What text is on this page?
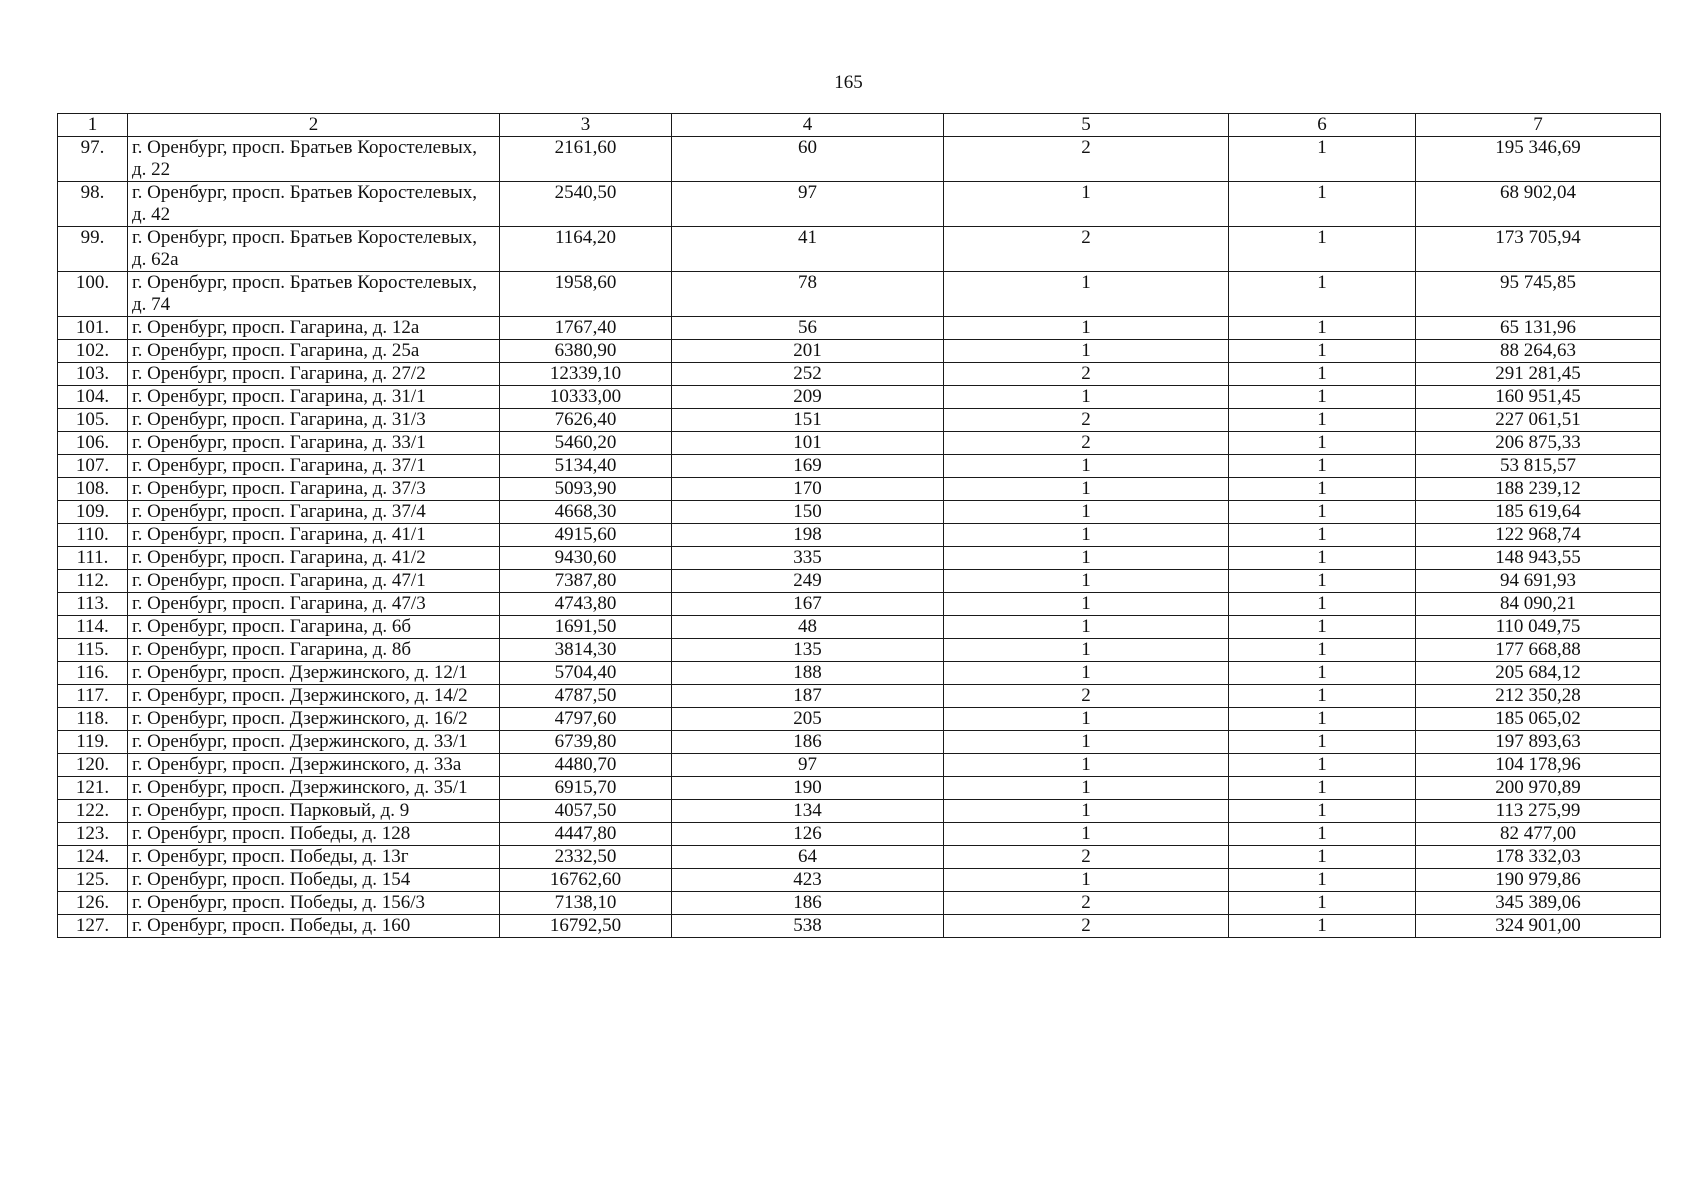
165
1	2	3	4	5	6	7
97.	г. Оренбург, просп. Братьев Коростелевых, д. 22	2161,60	60	2	1	195 346,69
98.	г. Оренбург, просп. Братьев Коростелевых, д. 42	2540,50	97	1	1	68 902,04
99.	г. Оренбург, просп. Братьев Коростелевых, д. 62а	1164,20	41	2	1	173 705,94
100.	г. Оренбург, просп. Братьев Коростелевых, д. 74	1958,60	78	1	1	95 745,85
101.	г. Оренбург, просп. Гагарина, д. 12а	1767,40	56	1	1	65 131,96
102.	г. Оренбург, просп. Гагарина, д. 25а	6380,90	201	1	1	88 264,63
103.	г. Оренбург, просп. Гагарина, д. 27/2	12339,10	252	2	1	291 281,45
104.	г. Оренбург, просп. Гагарина, д. 31/1	10333,00	209	1	1	160 951,45
105.	г. Оренбург, просп. Гагарина, д. 31/3	7626,40	151	2	1	227 061,51
106.	г. Оренбург, просп. Гагарина, д. 33/1	5460,20	101	2	1	206 875,33
107.	г. Оренбург, просп. Гагарина, д. 37/1	5134,40	169	1	1	53 815,57
108.	г. Оренбург, просп. Гагарина, д. 37/3	5093,90	170	1	1	188 239,12
109.	г. Оренбург, просп. Гагарина, д. 37/4	4668,30	150	1	1	185 619,64
110.	г. Оренбург, просп. Гагарина, д. 41/1	4915,60	198	1	1	122 968,74
111.	г. Оренбург, просп. Гагарина, д. 41/2	9430,60	335	1	1	148 943,55
112.	г. Оренбург, просп. Гагарина, д. 47/1	7387,80	249	1	1	94 691,93
113.	г. Оренбург, просп. Гагарина, д. 47/3	4743,80	167	1	1	84 090,21
114.	г. Оренбург, просп. Гагарина, д. 6б	1691,50	48	1	1	110 049,75
115.	г. Оренбург, просп. Гагарина, д. 8б	3814,30	135	1	1	177 668,88
116.	г. Оренбург, просп. Дзержинского, д. 12/1	5704,40	188	1	1	205 684,12
117.	г. Оренбург, просп. Дзержинского, д. 14/2	4787,50	187	2	1	212 350,28
118.	г. Оренбург, просп. Дзержинского, д. 16/2	4797,60	205	1	1	185 065,02
119.	г. Оренбург, просп. Дзержинского, д. 33/1	6739,80	186	1	1	197 893,63
120.	г. Оренбург, просп. Дзержинского, д. 33а	4480,70	97	1	1	104 178,96
121.	г. Оренбург, просп. Дзержинского, д. 35/1	6915,70	190	1	1	200 970,89
122.	г. Оренбург, просп. Парковый, д. 9	4057,50	134	1	1	113 275,99
123.	г. Оренбург, просп. Победы, д. 128	4447,80	126	1	1	82 477,00
124.	г. Оренбург, просп. Победы, д. 13г	2332,50	64	2	1	178 332,03
125.	г. Оренбург, просп. Победы, д. 154	16762,60	423	1	1	190 979,86
126.	г. Оренбург, просп. Победы, д. 156/3	7138,10	186	2	1	345 389,06
127.	г. Оренбург, просп. Победы, д. 160	16792,50	538	2	1	324 901,00
